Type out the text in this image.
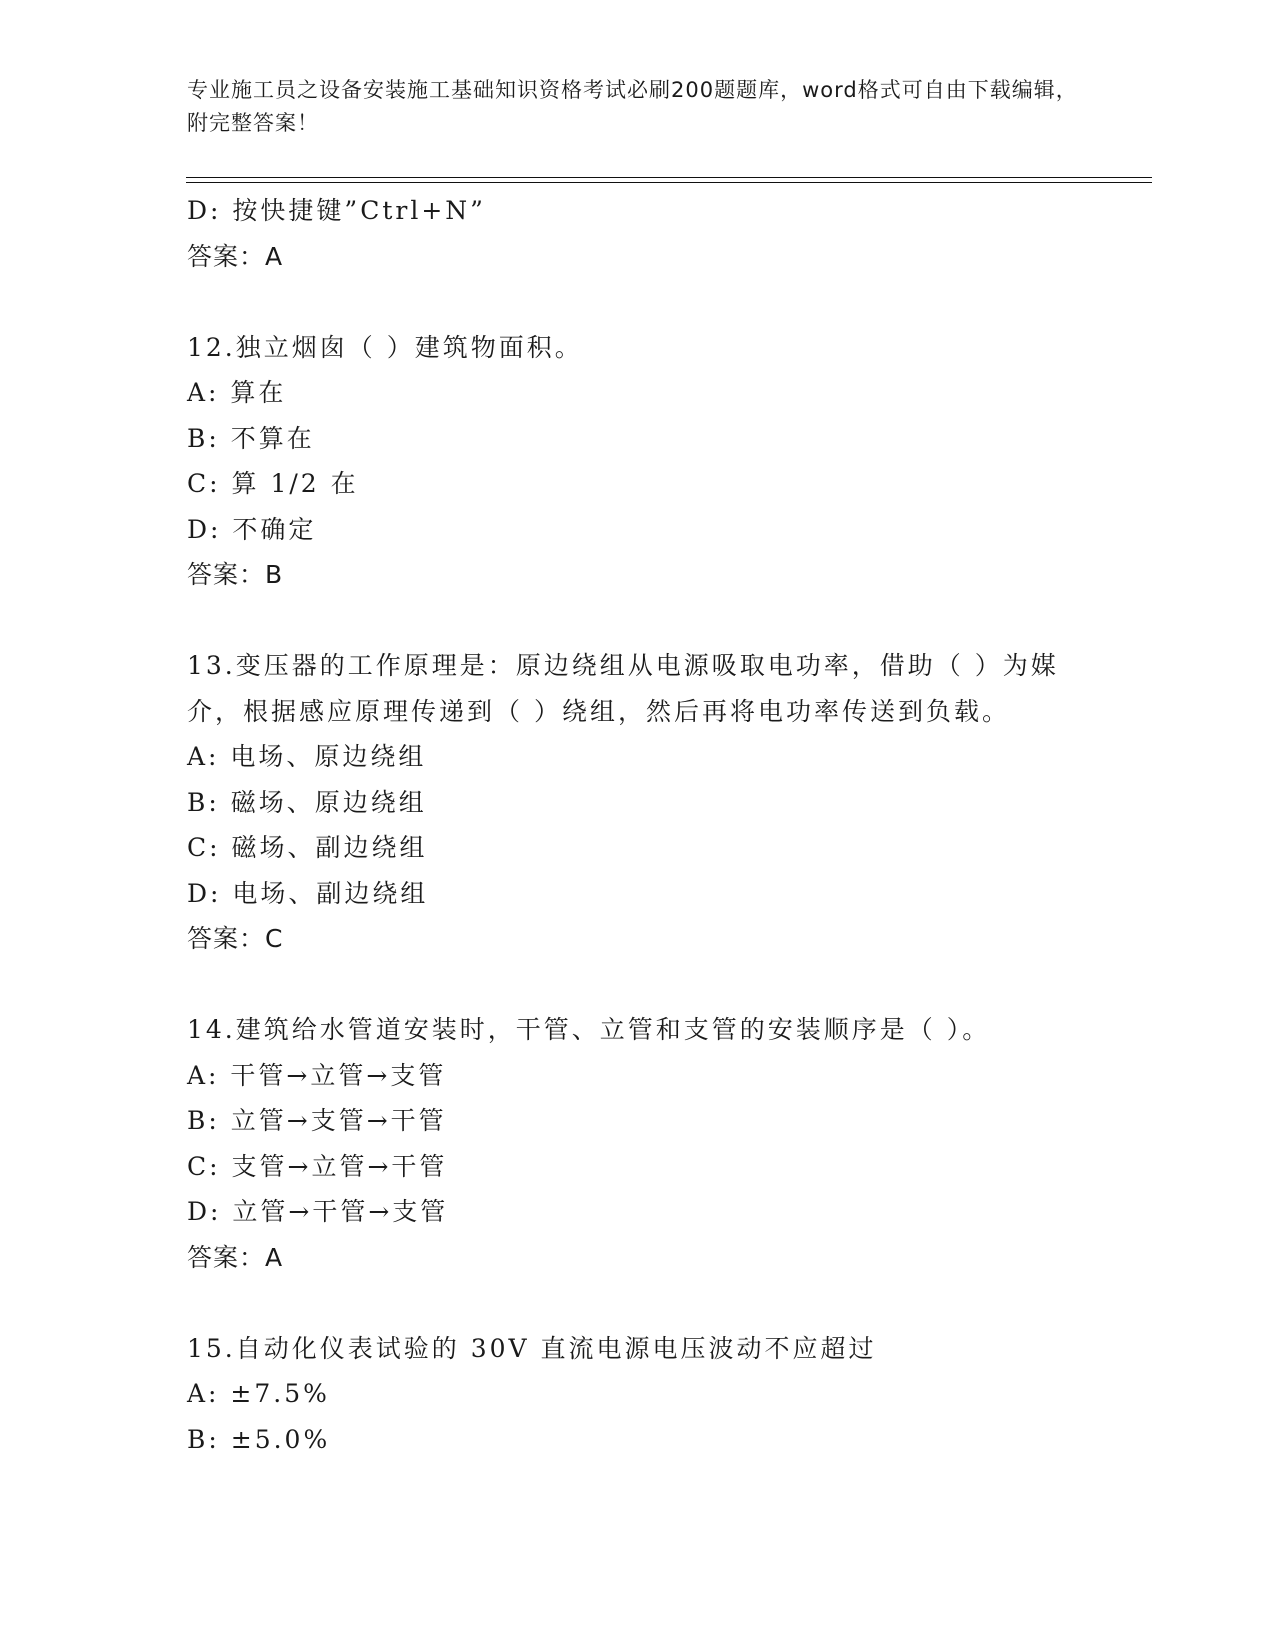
专业施工员之设备安装施工基础知识资格考试必刷200题题库，word格式可自由下载编辑，附完整答案！
D: 按快捷键”Ctrl+N”
答案：A
12.独立烟囱（ ）建筑物面积。
A: 算在
B: 不算在
C: 算 1/2 在
D: 不确定
答案：B
13.变压器的工作原理是：原边绕组从电源吸取电功率，借助（ ）为媒介，根据感应原理传递到（ ）绕组，然后再将电功率传送到负载。
A: 电场、原边绕组
B: 磁场、原边绕组
C: 磁场、副边绕组
D: 电场、副边绕组
答案：C
14.建筑给水管道安装时，干管、立管和支管的安装顺序是（ ）。
A: 干管→立管→支管
B: 立管→支管→干管
C: 支管→立管→干管
D: 立管→干管→支管
答案：A
15.自动化仪表试验的 30V 直流电源电压波动不应超过
A: ±7.5%
B: ±5.0%
